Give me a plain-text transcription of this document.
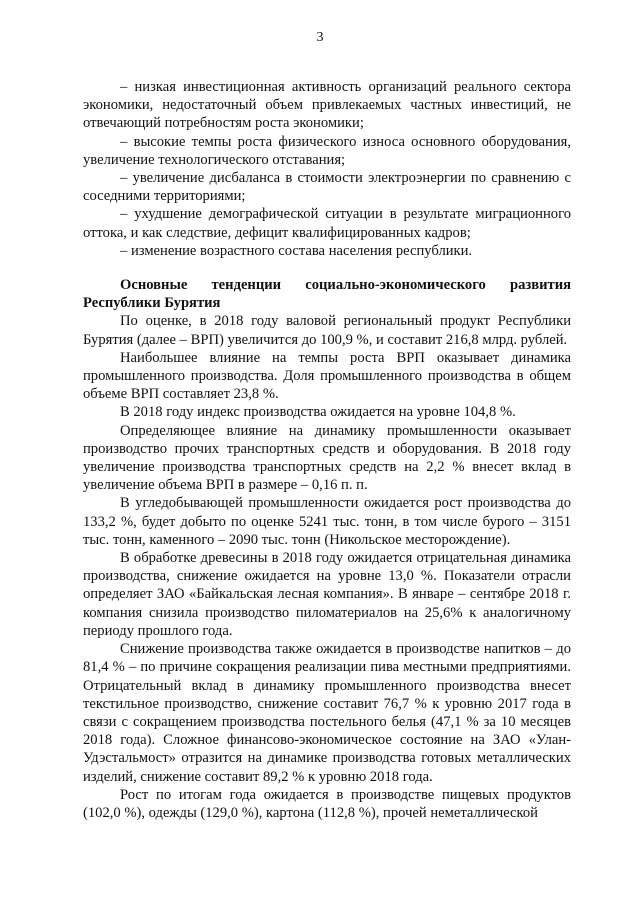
3

– низкая инвестиционная активность организаций реального сектора экономики, недостаточный объем привлекаемых частных инвестиций, не отвечающий потребностям роста экономики;

– высокие темпы роста физического износа основного оборудования, увеличение технологического отставания;

– увеличение дисбаланса в стоимости электроэнергии по сравнению с соседними территориями;

– ухудшение демографической ситуации в результате миграционного оттока, и как следствие, дефицит квалифицированных кадров;

– изменение возрастного состава населения республики.

Основные тенденции социально-экономического развития Республики Бурятия

По оценке, в 2018 году валовой региональный продукт Республики Бурятия (далее – ВРП) увеличится до 100,9 %, и составит 216,8 млрд. рублей.

Наибольшее влияние на темпы роста ВРП оказывает динамика промышленного производства. Доля промышленного производства в общем объеме ВРП составляет 23,8 %.

В 2018 году индекс производства ожидается на уровне 104,8 %.

Определяющее влияние на динамику промышленности оказывает производство прочих транспортных средств и оборудования. В 2018 году увеличение производства транспортных средств на 2,2 % внесет вклад в увеличение объема ВРП в размере – 0,16 п. п.

В угледобывающей промышленности ожидается рост производства до 133,2 %, будет добыто по оценке 5241 тыс. тонн, в том числе бурого – 3151 тыс. тонн, каменного – 2090 тыс. тонн (Никольское месторождение).

В обработке древесины в 2018 году ожидается отрицательная динамика производства, снижение ожидается на уровне 13,0 %. Показатели отрасли определяет ЗАО «Байкальская лесная компания». В январе – сентябре 2018 г. компания снизила производство пиломатериалов на 25,6% к аналогичному периоду прошлого года.

Снижение производства также ожидается в производстве напитков – до 81,4 % – по причине сокращения реализации пива местными предприятиями. Отрицательный вклад в динамику промышленного производства внесет текстильное производство, снижение составит 76,7 % к уровню 2017 года в связи с сокращением производства постельного белья (47,1 % за 10 месяцев 2018 года). Сложное финансово-экономическое состояние на ЗАО «Улан-Удэстальмост» отразится на динамике производства готовых металлических изделий, снижение составит 89,2 % к уровню 2018 года.

Рост по итогам года ожидается в производстве пищевых продуктов (102,0 %), одежды (129,0 %), картона (112,8 %), прочей неметаллической
